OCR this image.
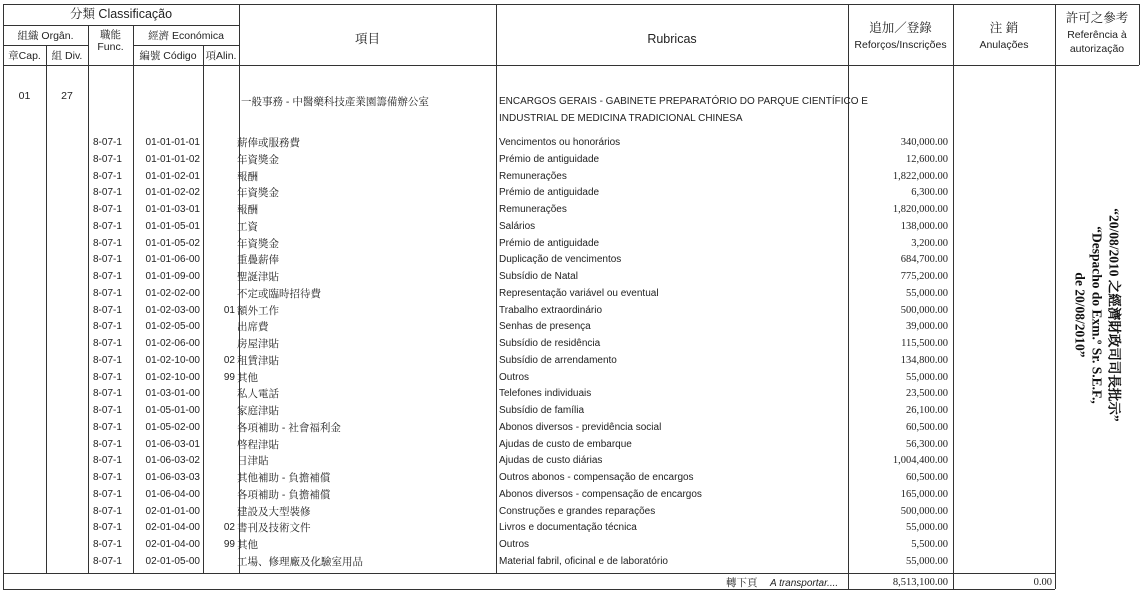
分類 Classificação
組織 Orgân.
章Cap.	組 Div.
職能
Func.
經濟 Económica
編號 Código 項Alin.
項目	Rubricas
追加／登錄
Reforços/Inscrições
注 銷
Anulações
許可之參考
Referência à
autorização
01	27	一般事務 - 中醫藥科技產業園籌備辦公室	ENCARGOS GERAIS - GABINETE PREPARATÓRIO DO PARQUE CIENTÍFICO E
INDUSTRIAL DE MEDICINA TRADICIONAL CHINESA
8-07-1	01-01-01-01	薪俸或服務費	Vencimentos ou honorários	340,000.00
8-07-1	01-01-01-02	年資獎金	Prémio de antiguidade	12,600.00
8-07-1	01-01-02-01	報酬	Remunerações	1,822,000.00
8-07-1	01-01-02-02	年資獎金	Prémio de antiguidade	6,300.00
8-07-1	01-01-03-01	報酬	Remunerações	1,820,000.00
8-07-1	01-01-05-01	工資	Salários	138,000.00
8-07-1	01-01-05-02	年資獎金	Prémio de antiguidade	3,200.00
8-07-1	01-01-06-00	重疊薪俸	Duplicação de vencimentos	684,700.00
8-07-1	01-01-09-00	聖誕津貼	Subsídio de Natal	775,200.00
8-07-1	01-02-02-00	不定或臨時招待費	Representação variável ou eventual	55,000.00
8-07-1	01-02-03-00	01 額外工作	Trabalho extraordinário	500,000.00
8-07-1	01-02-05-00	出席費	Senhas de presença	39,000.00
8-07-1	01-02-06-00	房屋津貼	Subsídio de residência	115,500.00
8-07-1	01-02-10-00	02 租賃津貼	Subsídio de arrendamento	134,800.00
8-07-1	01-02-10-00	99 其他	Outros	55,000.00
8-07-1	01-03-01-00	私人電話	Telefones individuais	23,500.00
8-07-1	01-05-01-00	家庭津貼	Subsídio de família	26,100.00
8-07-1	01-05-02-00	各項補助 - 社會福利金	Abonos diversos - previdência social	60,500.00
8-07-1	01-06-03-01	啓程津貼	Ajudas de custo de embarque	56,300.00
8-07-1	01-06-03-02	日津貼	Ajudas de custo diárias	1,004,400.00
8-07-1	01-06-03-03	其他補助 - 負擔補償	Outros abonos - compensação de encargos	60,500.00
8-07-1	01-06-04-00	各項補助 - 負擔補償	Abonos diversos - compensação de encargos	165,000.00
8-07-1	02-01-01-00	建設及大型裝修	Construções e grandes reparações	500,000.00
8-07-1	02-01-04-00	02 書刊及技術文件	Livros e documentação técnica	55,000.00
8-07-1	02-01-04-00	99 其他	Outros	5,500.00
8-07-1	02-01-05-00	工場、修理廠及化驗室用品	Material fabril, oficinal e de laboratório	55,000.00
轉下頁 A transportar....	8,513,100.00	0.00
“20/08/2010 之經濟財政司司長批示”
“Despacho do Exm.º Sr. S.E.F.,
de 20/08/2010”
